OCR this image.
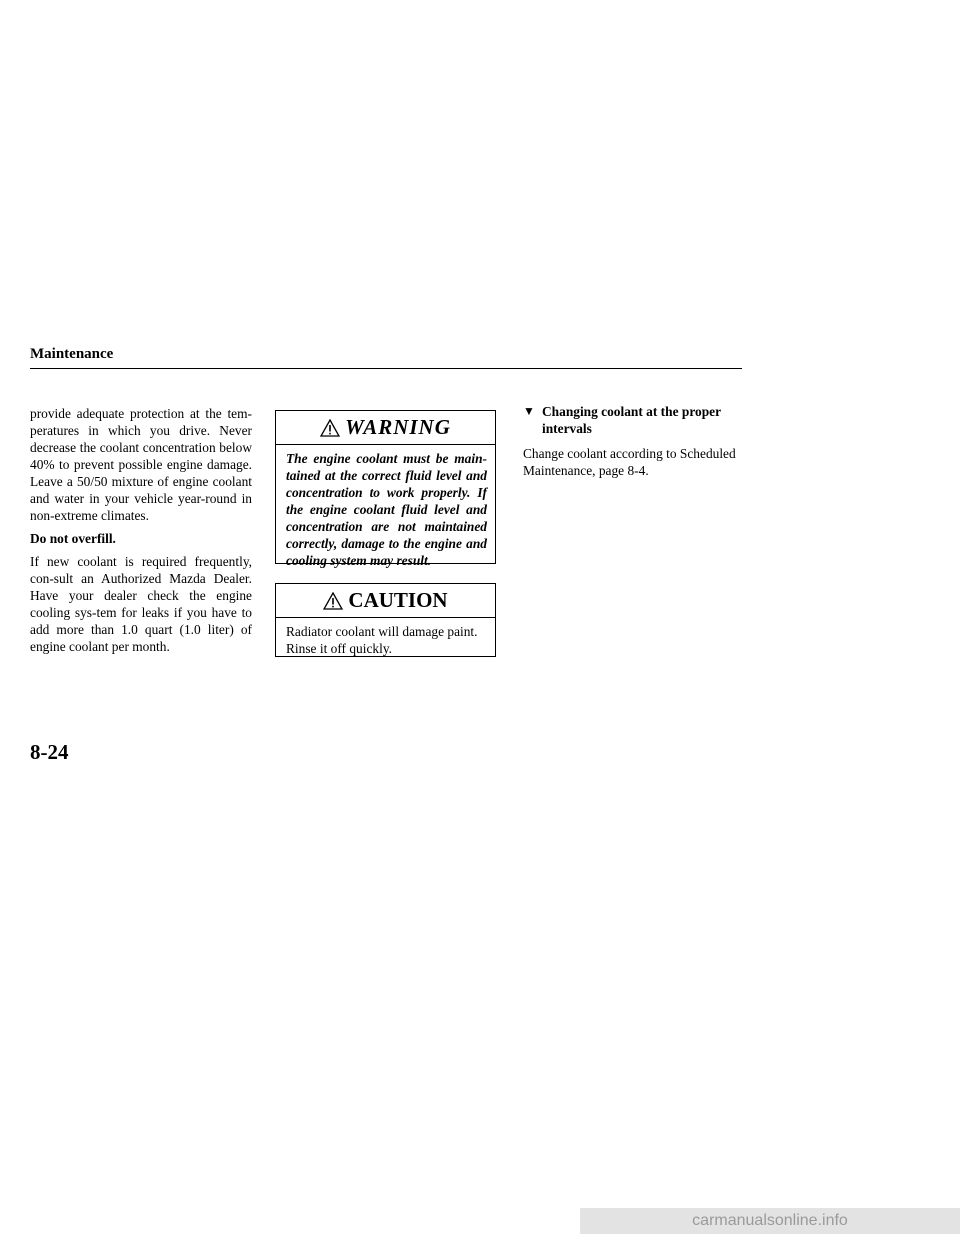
Maintenance

provide adequate protection at the tem-peratures in which you drive. Never decrease the coolant concentration below 40% to prevent possible engine damage. Leave a 50/50 mixture of engine coolant and water in your vehicle year-round in non-extreme climates.

Do not overfill.

If new coolant is required frequently, con-sult an Authorized Mazda Dealer. Have your dealer check the engine cooling sys-tem for leaks if you have to add more than 1.0 quart (1.0 liter) of engine coolant per month.

WARNING

The engine coolant must be main-tained at the correct fluid level and concentration to work properly. If the engine coolant fluid level and concentration are not maintained correctly, damage to the engine and cooling system may result.

CAUTION

Radiator coolant will damage paint. Rinse it off quickly.

▼ Changing coolant at the proper intervals

Change coolant according to Scheduled Maintenance, page 8-4.

8-24

carmanualsonline.info
